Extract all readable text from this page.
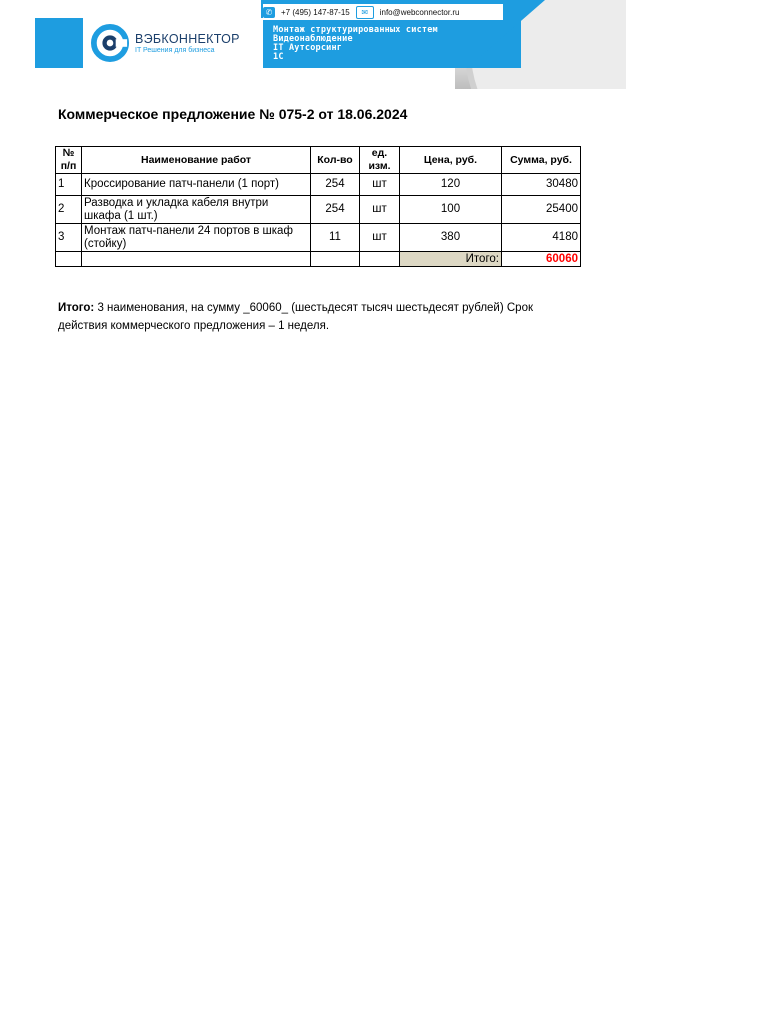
ВЭБКОННЕКТОР
IT Решения для бизнеса
✆	+7 (495) 147-87-15	✉	info@webconnector.ru
Монтаж структурированных систем
Видеонаблюдение
IT Аутсорсинг
1С
Коммерческое предложение № 075-2 от 18.06.2024
№ п/п	Наименование работ	Кол-во	ед. изм.	Цена, руб.	Сумма, руб.
1	Кроссирование патч-панели (1 порт)	254	шт	120	30480
2	Разводка и укладка кабеля внутри шкафа (1 шт.)	254	шт	100	25400
3	Монтаж патч-панели 24 портов в шкаф (стойку)	11	шт	380	4180
				Итого:	60060
Итого: 3 наименования, на сумму _60060_ (шестьдесят тысяч шестьдесят рублей) Срок действия коммерческого предложения – 1 неделя.
